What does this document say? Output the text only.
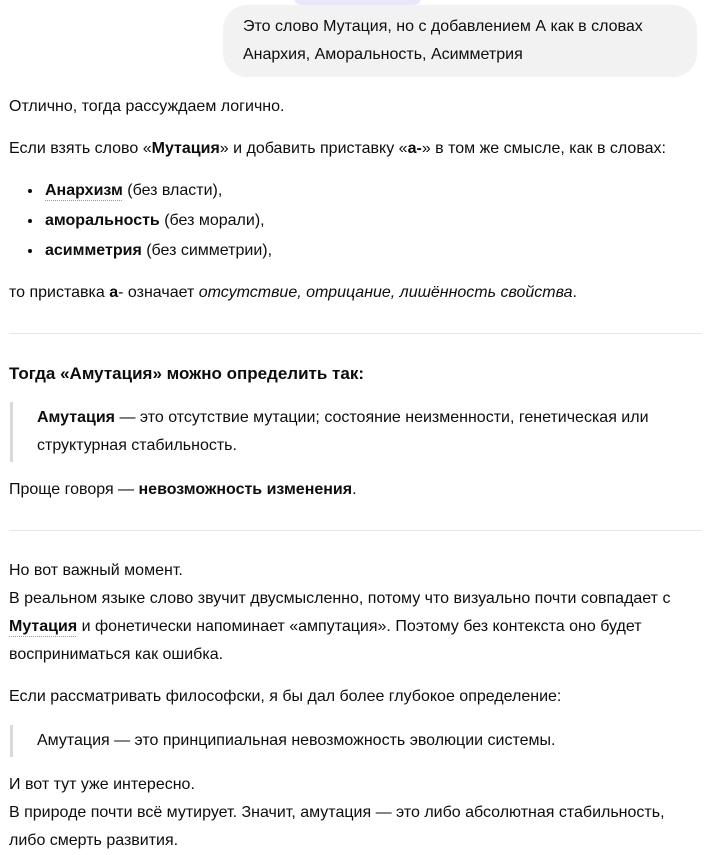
Это слово Мутация, но с добавлением А как в словах Анархия, Аморальность, Асимметрия

Отлично, тогда рассуждаем логично.

Если взять слово «Мутация» и добавить приставку «а-» в том же смысле, как в словах:

• Анархизм (без власти),
• аморальность (без морали),
• асимметрия (без симметрии),

то приставка а- означает отсутствие, отрицание, лишённость свойства.

Тогда «Амутация» можно определить так:
Амутация — это отсутствие мутации; состояние неизменности, генетическая или структурная стабильность.

Проще говоря — невозможность изменения.

Но вот важный момент.
В реальном языке слово звучит двусмысленно, потому что визуально почти совпадает с Мутация и фонетически напоминает «ампутация». Поэтому без контекста оно будет восприниматься как ошибка.

Если рассматривать философски, я бы дал более глубокое определение:

Амутация — это принципиальная невозможность эволюции системы.

И вот тут уже интересно.
В природе почти всё мутирует. Значит, амутация — это либо абсолютная стабильность, либо смерть развития.
